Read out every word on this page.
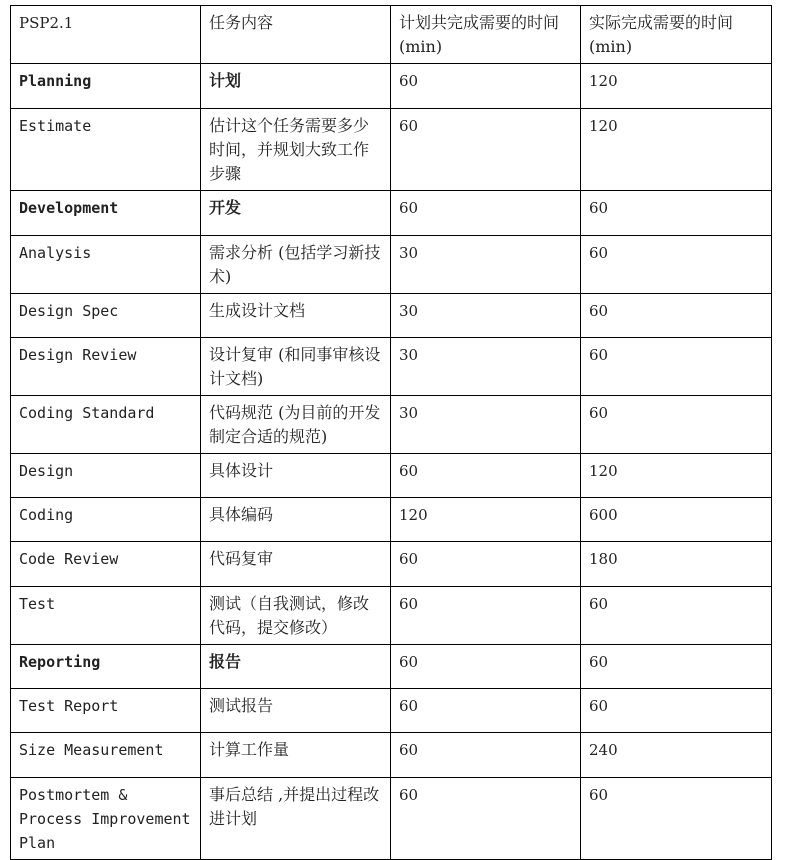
PSP2.1	任务内容	计划共完成需要的时间(min)	实际完成需要的时间(min)
Planning	计划	60	120
Estimate	估计这个任务需要多少时间，并规划大致工作步骤	60	120
Development	开发	60	60
Analysis	需求分析 (包括学习新技术)	30	60
Design Spec	生成设计文档	30	60
Design Review	设计复审 (和同事审核设计文档)	30	60
Coding Standard	代码规范 (为目前的开发制定合适的规范)	30	60
Design	具体设计	60	120
Coding	具体编码	120	600
Code Review	代码复审	60	180
Test	测试（自我测试，修改代码，提交修改）	60	60
Reporting	报告	60	60
Test Report	测试报告	60	60
Size Measurement	计算工作量	60	240
Postmortem & Process Improvement Plan	事后总结 ,并提出过程改进计划	60	60
